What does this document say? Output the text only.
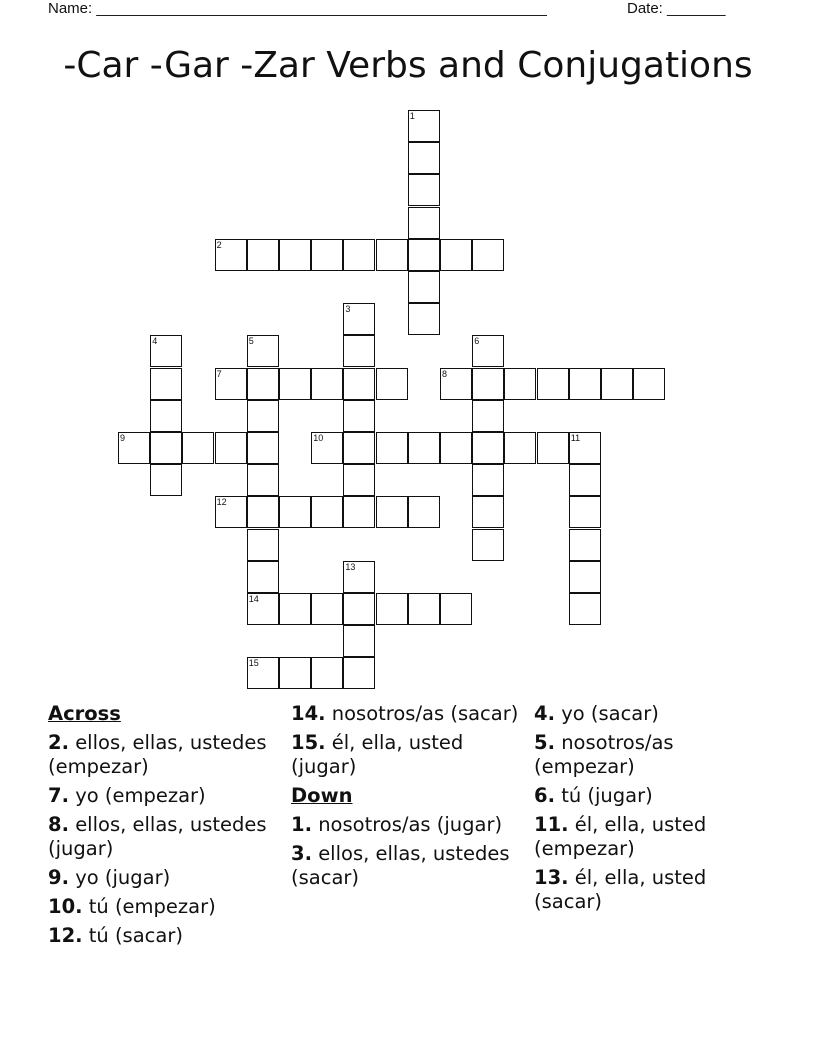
Name: ______________________________________________________	Date: _______
-Car -Gar -Zar Verbs and Conjugations
2
7	8
9	10	11
12
14
15
1
3
4	5	6
13
Across
2. ellos, ellas, ustedes (empezar)
7. yo (empezar)
8. ellos, ellas, ustedes (jugar)
9. yo (jugar)
10. tú (empezar)
12. tú (sacar)
14. nosotros/as (sacar)
15. él, ella, usted (jugar)
Down
1. nosotros/as (jugar)
3. ellos, ellas, ustedes (sacar)
4. yo (sacar)
5. nosotros/as (empezar)
6. tú (jugar)
11. él, ella, usted (empezar)
13. él, ella, usted (sacar)
